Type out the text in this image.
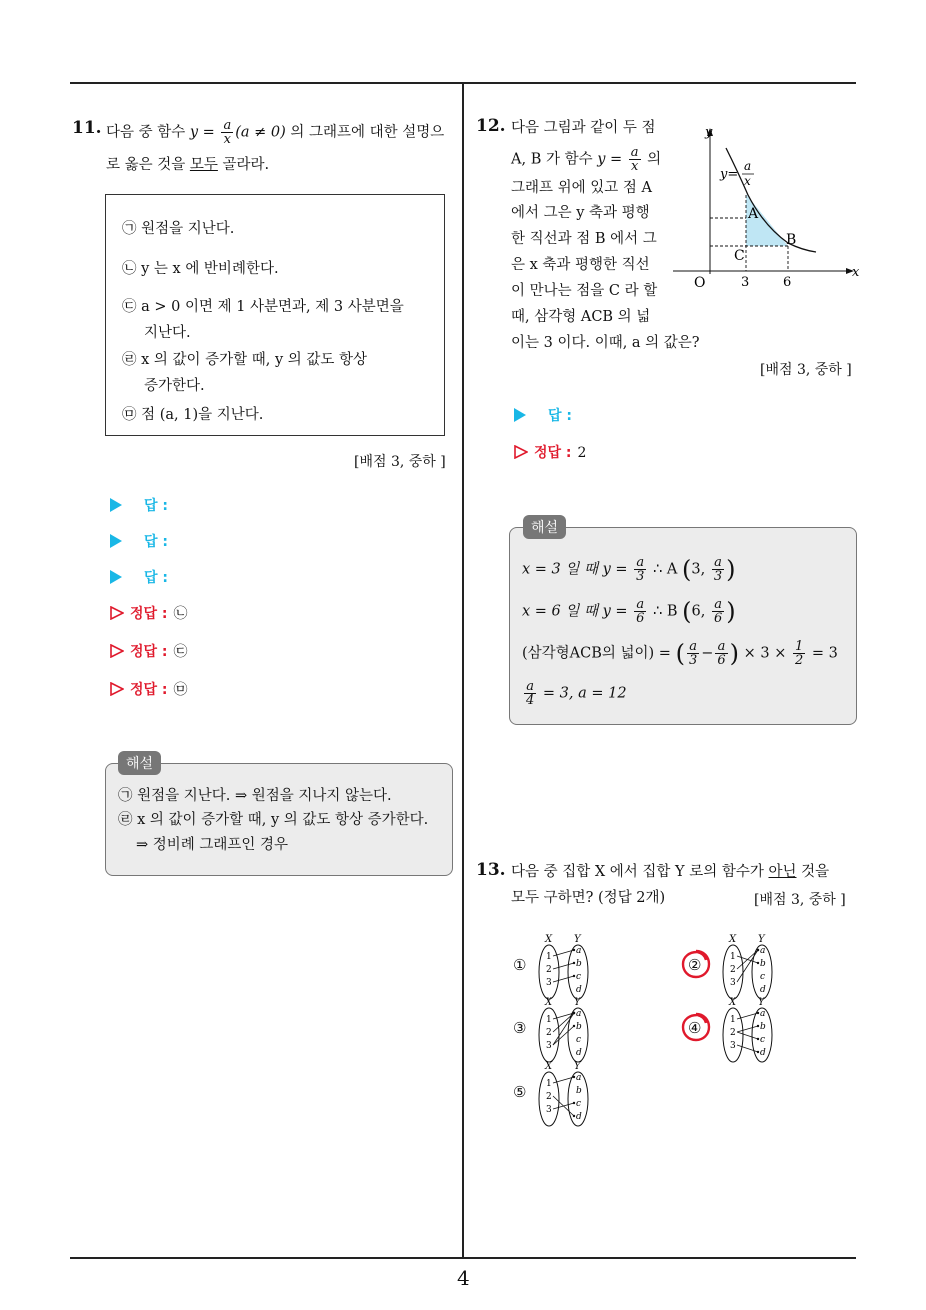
4
11. 다음 중 함수 $y = \frac{a}{x} (a \ne 0)$ 의 그래프에 대한 설명으
로 옳은 것을 모두 골라라.
㉠ 원점을 지난다.
㉡ y 는 x 에 반비례한다.
㉢ a > 0 이면 제 1 사분면과, 제 3 사분면을
지난다.
㉣ x 의 값이 증가할 때, y 의 값도 항상
증가한다.
㉤ 점 (a, 1)을 지난다.
[배점 3, 중하 ]
답 :
답 :
답 :
정답 : ㉡
정답 : ㉢
정답 : ㉤
㉠ 원점을 지난다. ⇒ 원점을 지나지 않는다.
㉣ x 의 값이 증가할 때, y 의 값도 항상 증가한다.
⇒ 정비례 그래프인 경우
해설
12. 다음 그림과 같이 두 점
A, B 가 함수 $y = \frac{a}{x}$ 의
그래프 위에 있고 점 A
에서 그은 y 축과 평행
한 직선과 점 B 에서 그
은 x 축과 평행한 직선
이 만나는 점을 C 라 할
때, 삼각형 ACB 의 넓
이는 3 이다. 이때, a 의 값은?
y
x
O
y=
a
x
A
B
C
3	6
[배점 3, 중하 ]
답 :
정답 : 2
x = 3 일 때 $y = \frac{a}{3}$ ∴ A (3, $\frac{a}{3}$ )
x = 6 일 때 $y = \frac{a}{6}$ ∴ B (6, $\frac{a}{6}$ )
(삼각형ACB의 넓이) = ( $\frac{a}{3} - \frac{a}{6}$ ) × $3 \times \frac{1}{2} = 3$
$\frac{a}{4} = 3$, a = 12
해설
13. 다음 중 집합 X 에서 집합 Y 로의 함수가 아닌 것을
모두 구하면? (정답 2개)	[배점 3, 중하 ]
①	②
③	④
⑤
X Y
1
2
3
a
b
c
d
X Y
1
2
3
a
b
c
d
X Y
1
2
3
a
b
c
d
X Y
1
2
3
a
b
c
d
X Y
1
2
3
a
b
c
d
